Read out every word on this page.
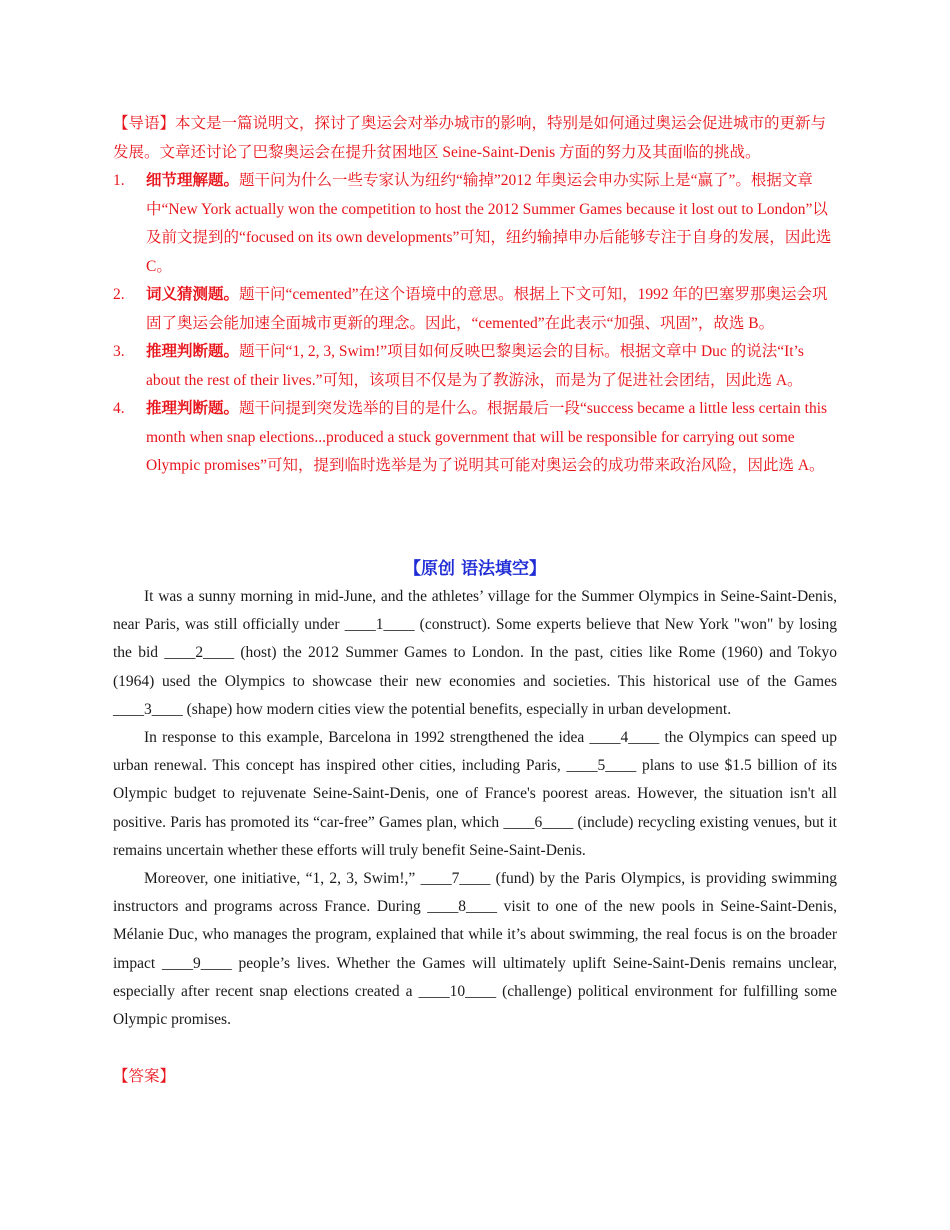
【导语】本文是一篇说明文，探讨了奥运会对举办城市的影响，特别是如何通过奥运会促进城市的更新与发展。文章还讨论了巴黎奥运会在提升贫困地区 Seine-Saint-Denis 方面的努力及其面临的挑战。

1. 细节理解题。题干问为什么一些专家认为纽约“输掉”2012 年奥运会申办实际上是“赢了”。根据文章中“New York actually won the competition to host the 2012 Summer Games because it lost out to London”以及前文提到的“focused on its own developments”可知，纽约输掉申办后能够专注于自身的发展，因此选 C。
2. 词义猜测题。题干问“cemented”在这个语境中的意思。根据上下文可知，1992 年的巴塞罗那奥运会巩固了奥运会能加速全面城市更新的理念。因此，“cemented”在此表示“加强、巩固”，故选 B。
3. 推理判断题。题干问“1, 2, 3, Swim!”项目如何反映巴黎奥运会的目标。根据文章中 Duc 的说法“It’s about the rest of their lives.”可知，该项目不仅是为了教游泳，而是为了促进社会团结，因此选 A。
4. 推理判断题。题干问提到突发选举的目的是什么。根据最后一段“success became a little less certain this month when snap elections...produced a stuck government that will be responsible for carrying out some Olympic promises”可知，提到临时选举是为了说明其可能对奥运会的成功带来政治风险，因此选 A。
【原创 语法填空】

It was a sunny morning in mid-June, and the athletes’ village for the Summer Olympics in Seine-Saint-Denis, near Paris, was still officially under ____1____ (construct). Some experts believe that New York "won" by losing the bid ____2____ (host) the 2012 Summer Games to London. In the past, cities like Rome (1960) and Tokyo (1964) used the Olympics to showcase their new economies and societies. This historical use of the Games ____3____ (shape) how modern cities view the potential benefits, especially in urban development.

In response to this example, Barcelona in 1992 strengthened the idea ____4____ the Olympics can speed up urban renewal. This concept has inspired other cities, including Paris, ____5____ plans to use $1.5 billion of its Olympic budget to rejuvenate Seine-Saint-Denis, one of France's poorest areas. However, the situation isn't all positive. Paris has promoted its “car-free” Games plan, which ____6____ (include) recycling existing venues, but it remains uncertain whether these efforts will truly benefit Seine-Saint-Denis.

Moreover, one initiative, “1, 2, 3, Swim!,” ____7____ (fund) by the Paris Olympics, is providing swimming instructors and programs across France. During ____8____ visit to one of the new pools in Seine-Saint-Denis, Mélanie Duc, who manages the program, explained that while it’s about swimming, the real focus is on the broader impact ____9____ people’s lives. Whether the Games will ultimately uplift Seine-Saint-Denis remains unclear, especially after recent snap elections created a ____10____ (challenge) political environment for fulfilling some Olympic promises.

【答案】
